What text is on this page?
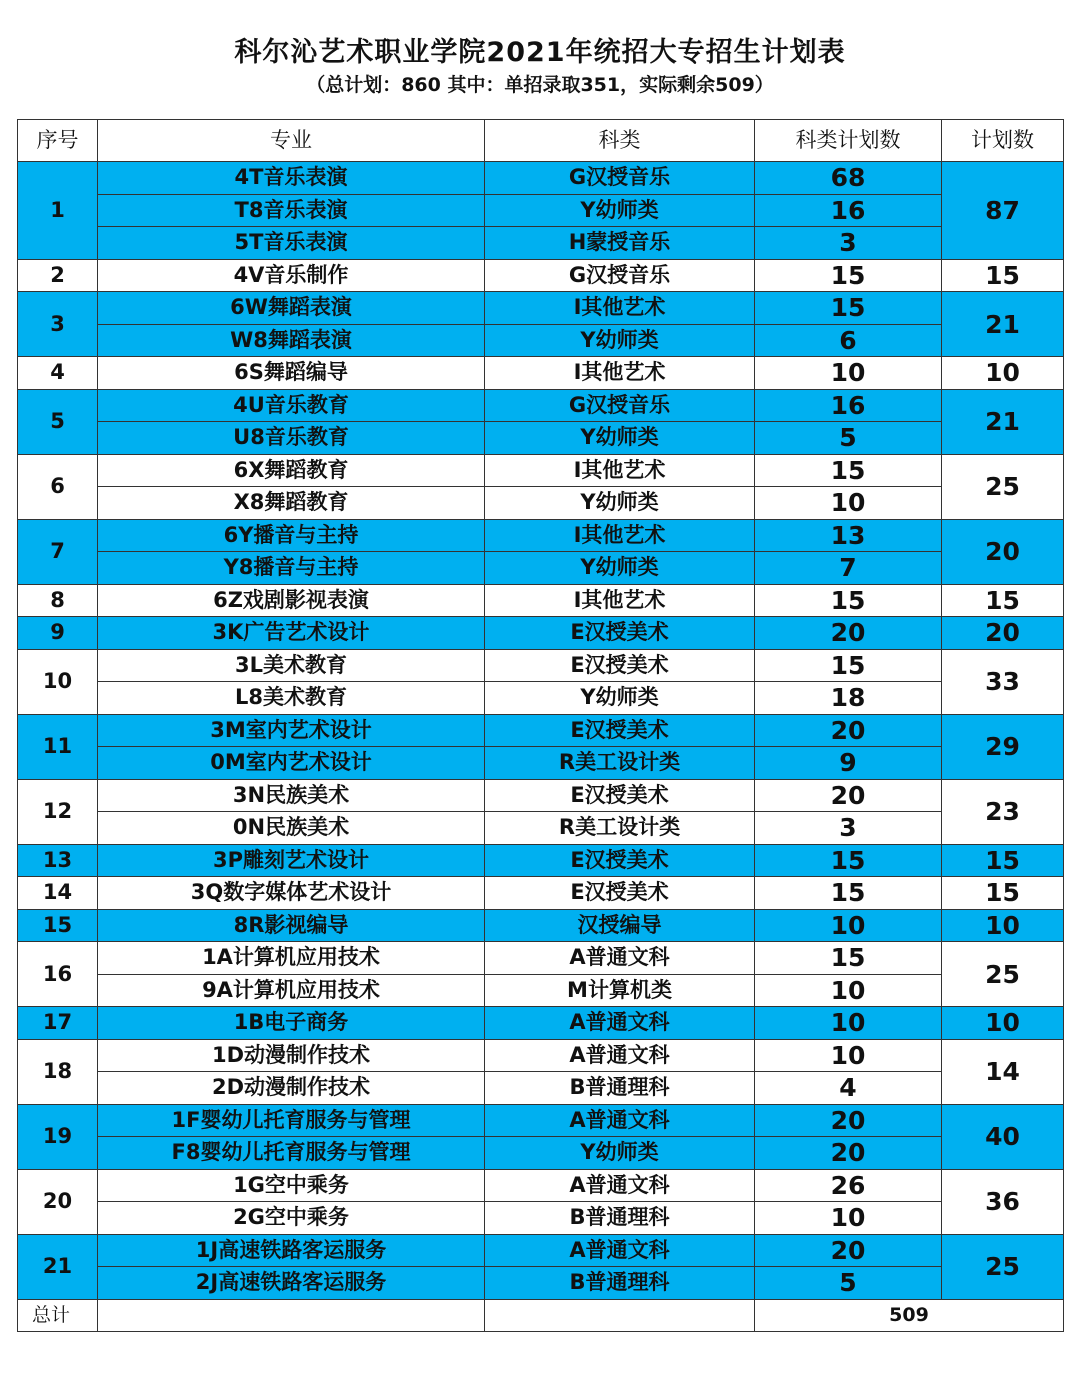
科尔沁艺术职业学院2021年统招大专招生计划表
（总计划：860 其中：单招录取351，实际剩余509）
序号	专业	科类	科类计划数	计划数
1	4T音乐表演	G汉授音乐	68	87
	T8音乐表演	Y幼师类	16	
	5T音乐表演	H蒙授音乐	3	
2	4V音乐制作	G汉授音乐	15	15
3	6W舞蹈表演	I其他艺术	15	21
	W8舞蹈表演	Y幼师类	6	
4	6S舞蹈编导	I其他艺术	10	10
5	4U音乐教育	G汉授音乐	16	21
	U8音乐教育	Y幼师类	5	
6	6X舞蹈教育	I其他艺术	15	25
	X8舞蹈教育	Y幼师类	10	
7	6Y播音与主持	I其他艺术	13	20
	Y8播音与主持	Y幼师类	7	
8	6Z戏剧影视表演	I其他艺术	15	15
9	3K广告艺术设计	E汉授美术	20	20
10	3L美术教育	E汉授美术	15	33
	L8美术教育	Y幼师类	18	
11	3M室内艺术设计	E汉授美术	20	29
	0M室内艺术设计	R美工设计类	9	
12	3N民族美术	E汉授美术	20	23
	0N民族美术	R美工设计类	3	
13	3P雕刻艺术设计	E汉授美术	15	15
14	3Q数字媒体艺术设计	E汉授美术	15	15
15	8R影视编导	汉授编导	10	10
16	1A计算机应用技术	A普通文科	15	25
	9A计算机应用技术	M计算机类	10	
17	1B电子商务	A普通文科	10	10
18	1D动漫制作技术	A普通文科	10	14
	2D动漫制作技术	B普通理科	4	
19	1F婴幼儿托育服务与管理	A普通文科	20	40
	F8婴幼儿托育服务与管理	Y幼师类	20	
20	1G空中乘务	A普通文科	26	36
	2G空中乘务	B普通理科	10	
21	1J高速铁路客运服务	A普通文科	20	25
	2J高速铁路客运服务	B普通理科	5	
总计			509	
